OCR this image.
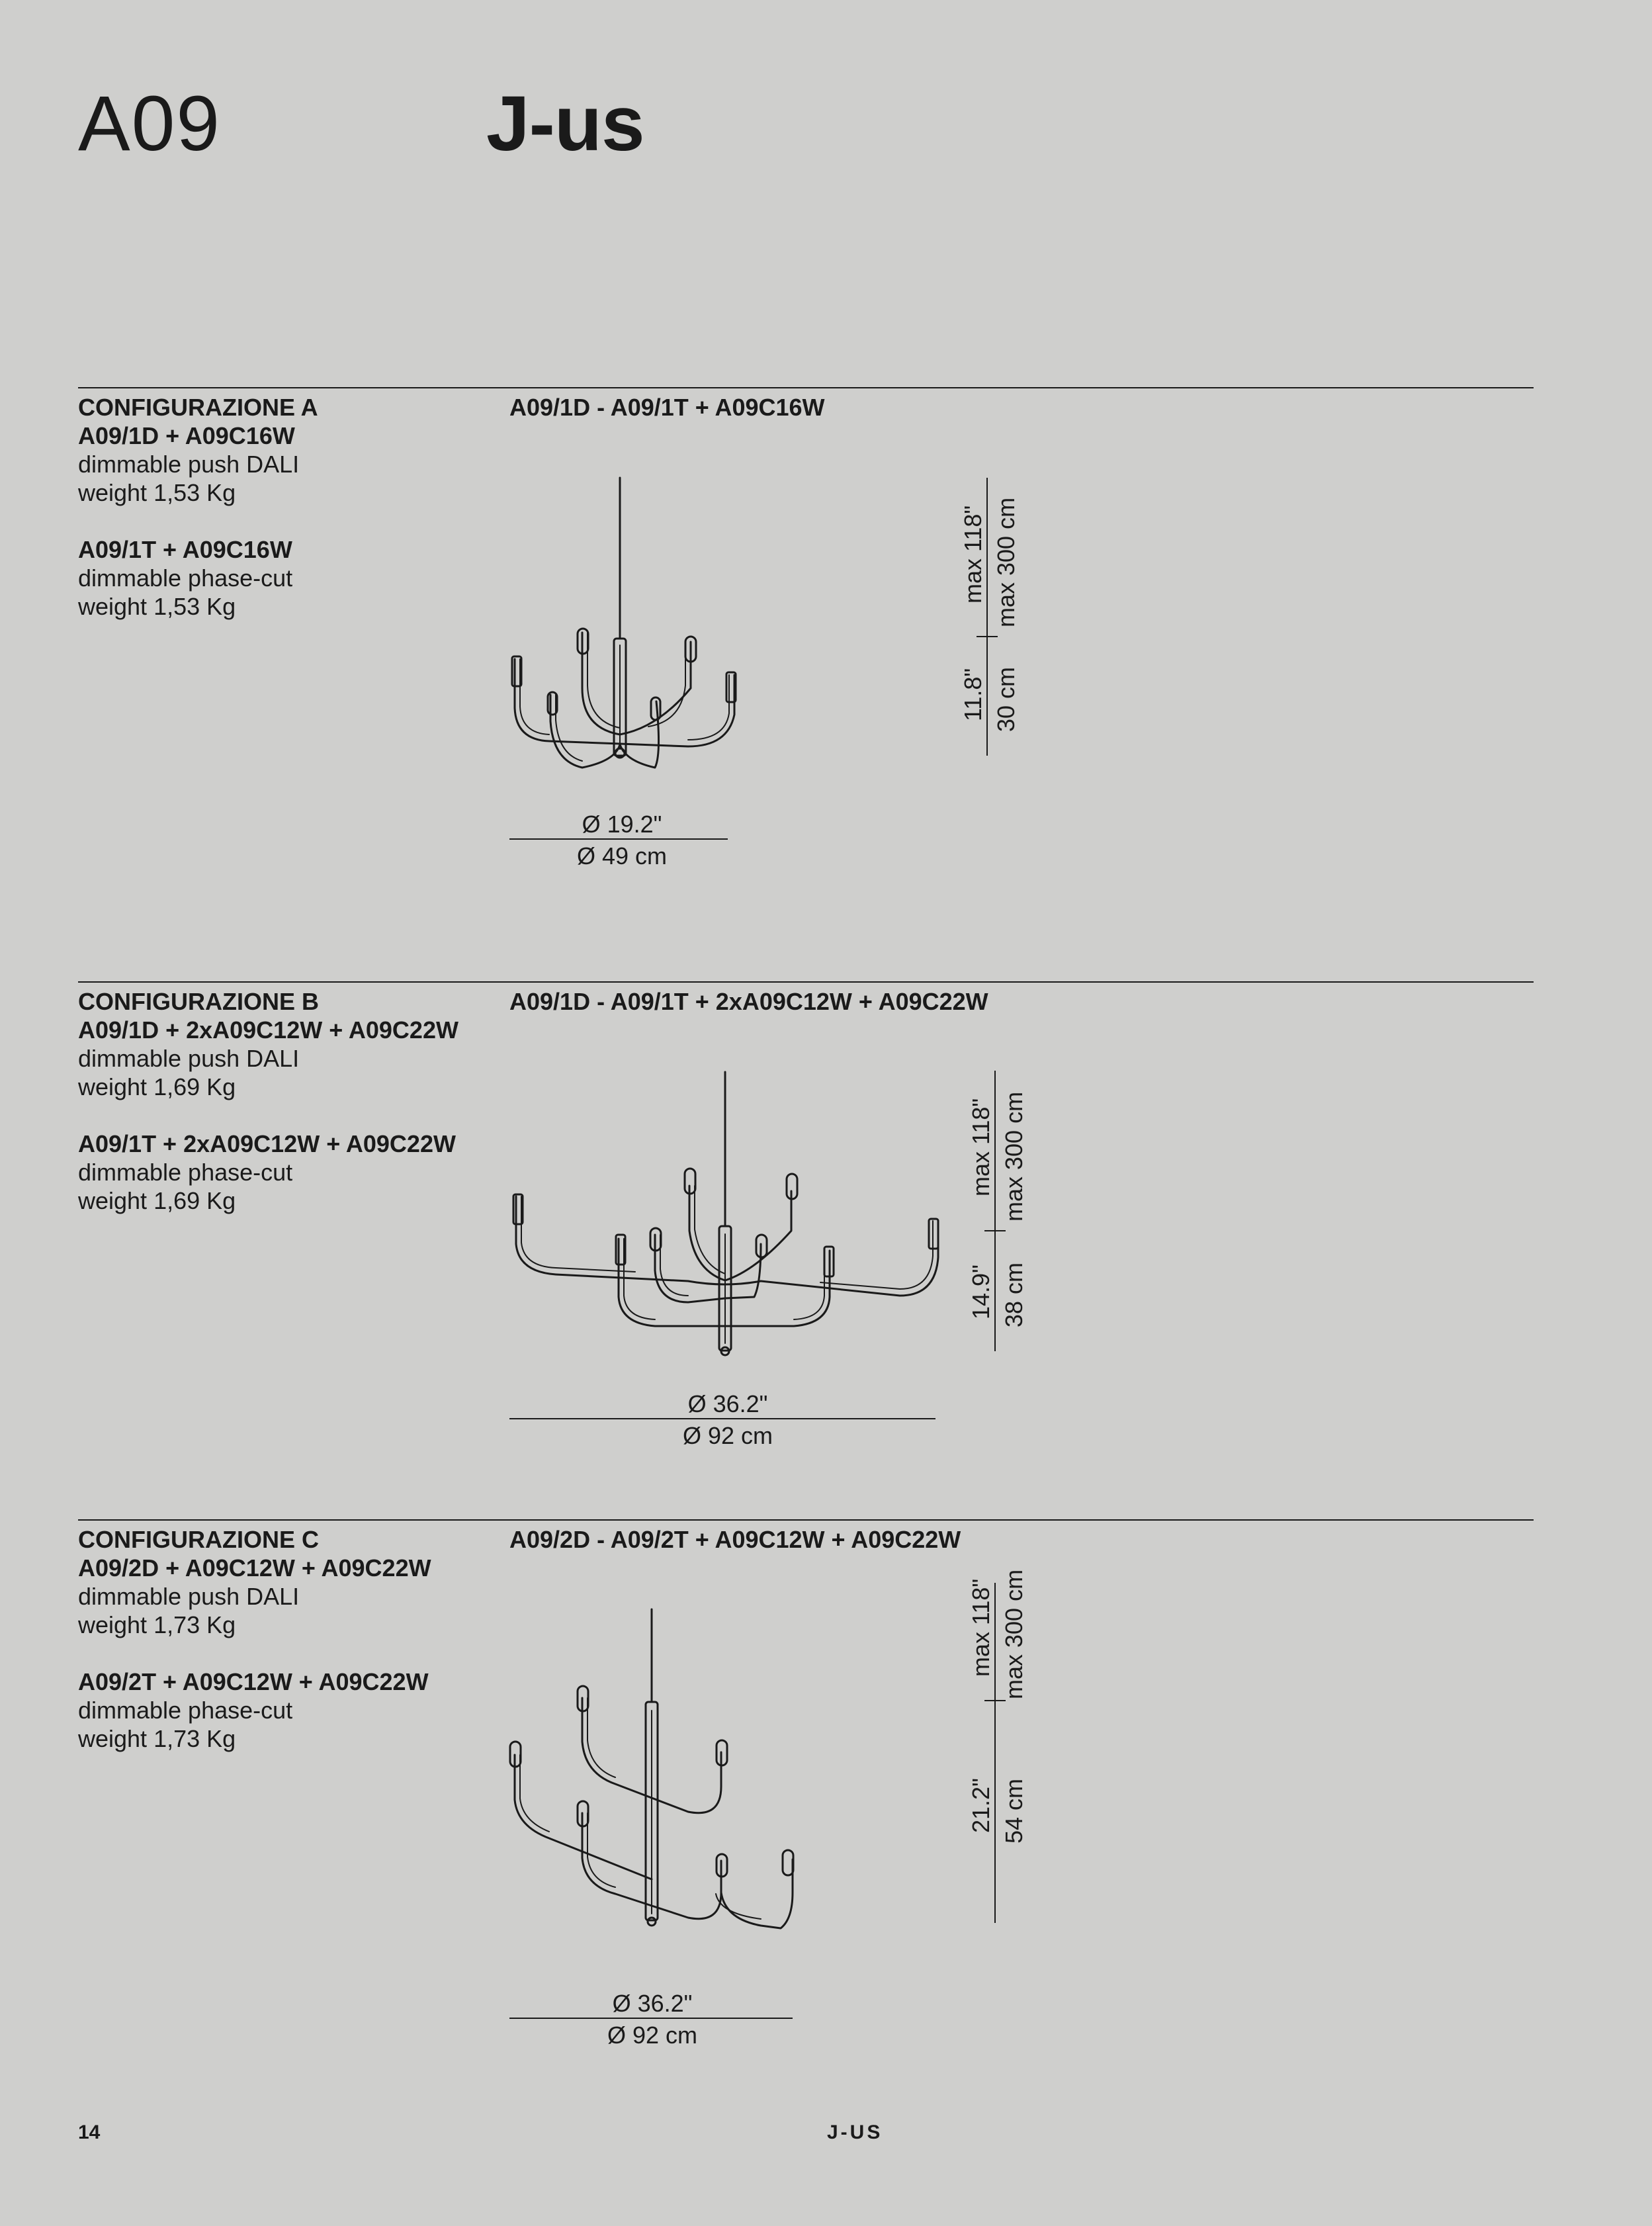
A09	J-us
CONFIGURAZIONE A
A09/1D + A09C16W
dimmable push DALI
weight 1,53 Kg
A09/1T + A09C16W
dimmable phase-cut
weight 1,53 Kg
A09/1D - A09/1T + A09C16W
max 118" max 300 cm
11.8" 30 cm
Ø 19.2"
Ø 49 cm
CONFIGURAZIONE B
A09/1D + 2xA09C12W + A09C22W
dimmable push DALI
weight 1,69 Kg
A09/1T + 2xA09C12W + A09C22W
dimmable phase-cut
weight 1,69 Kg
A09/1D - A09/1T + 2xA09C12W + A09C22W
max 118" max 300 cm
14.9" 38 cm
Ø 36.2"
Ø 92 cm
CONFIGURAZIONE C
A09/2D + A09C12W + A09C22W
dimmable push DALI
weight 1,73 Kg
A09/2T + A09C12W + A09C22W
dimmable phase-cut
weight 1,73 Kg
A09/2D - A09/2T + A09C12W + A09C22W
max 118" max 300 cm
21.2" 54 cm
Ø 36.2"
Ø 92 cm
14	J-US
